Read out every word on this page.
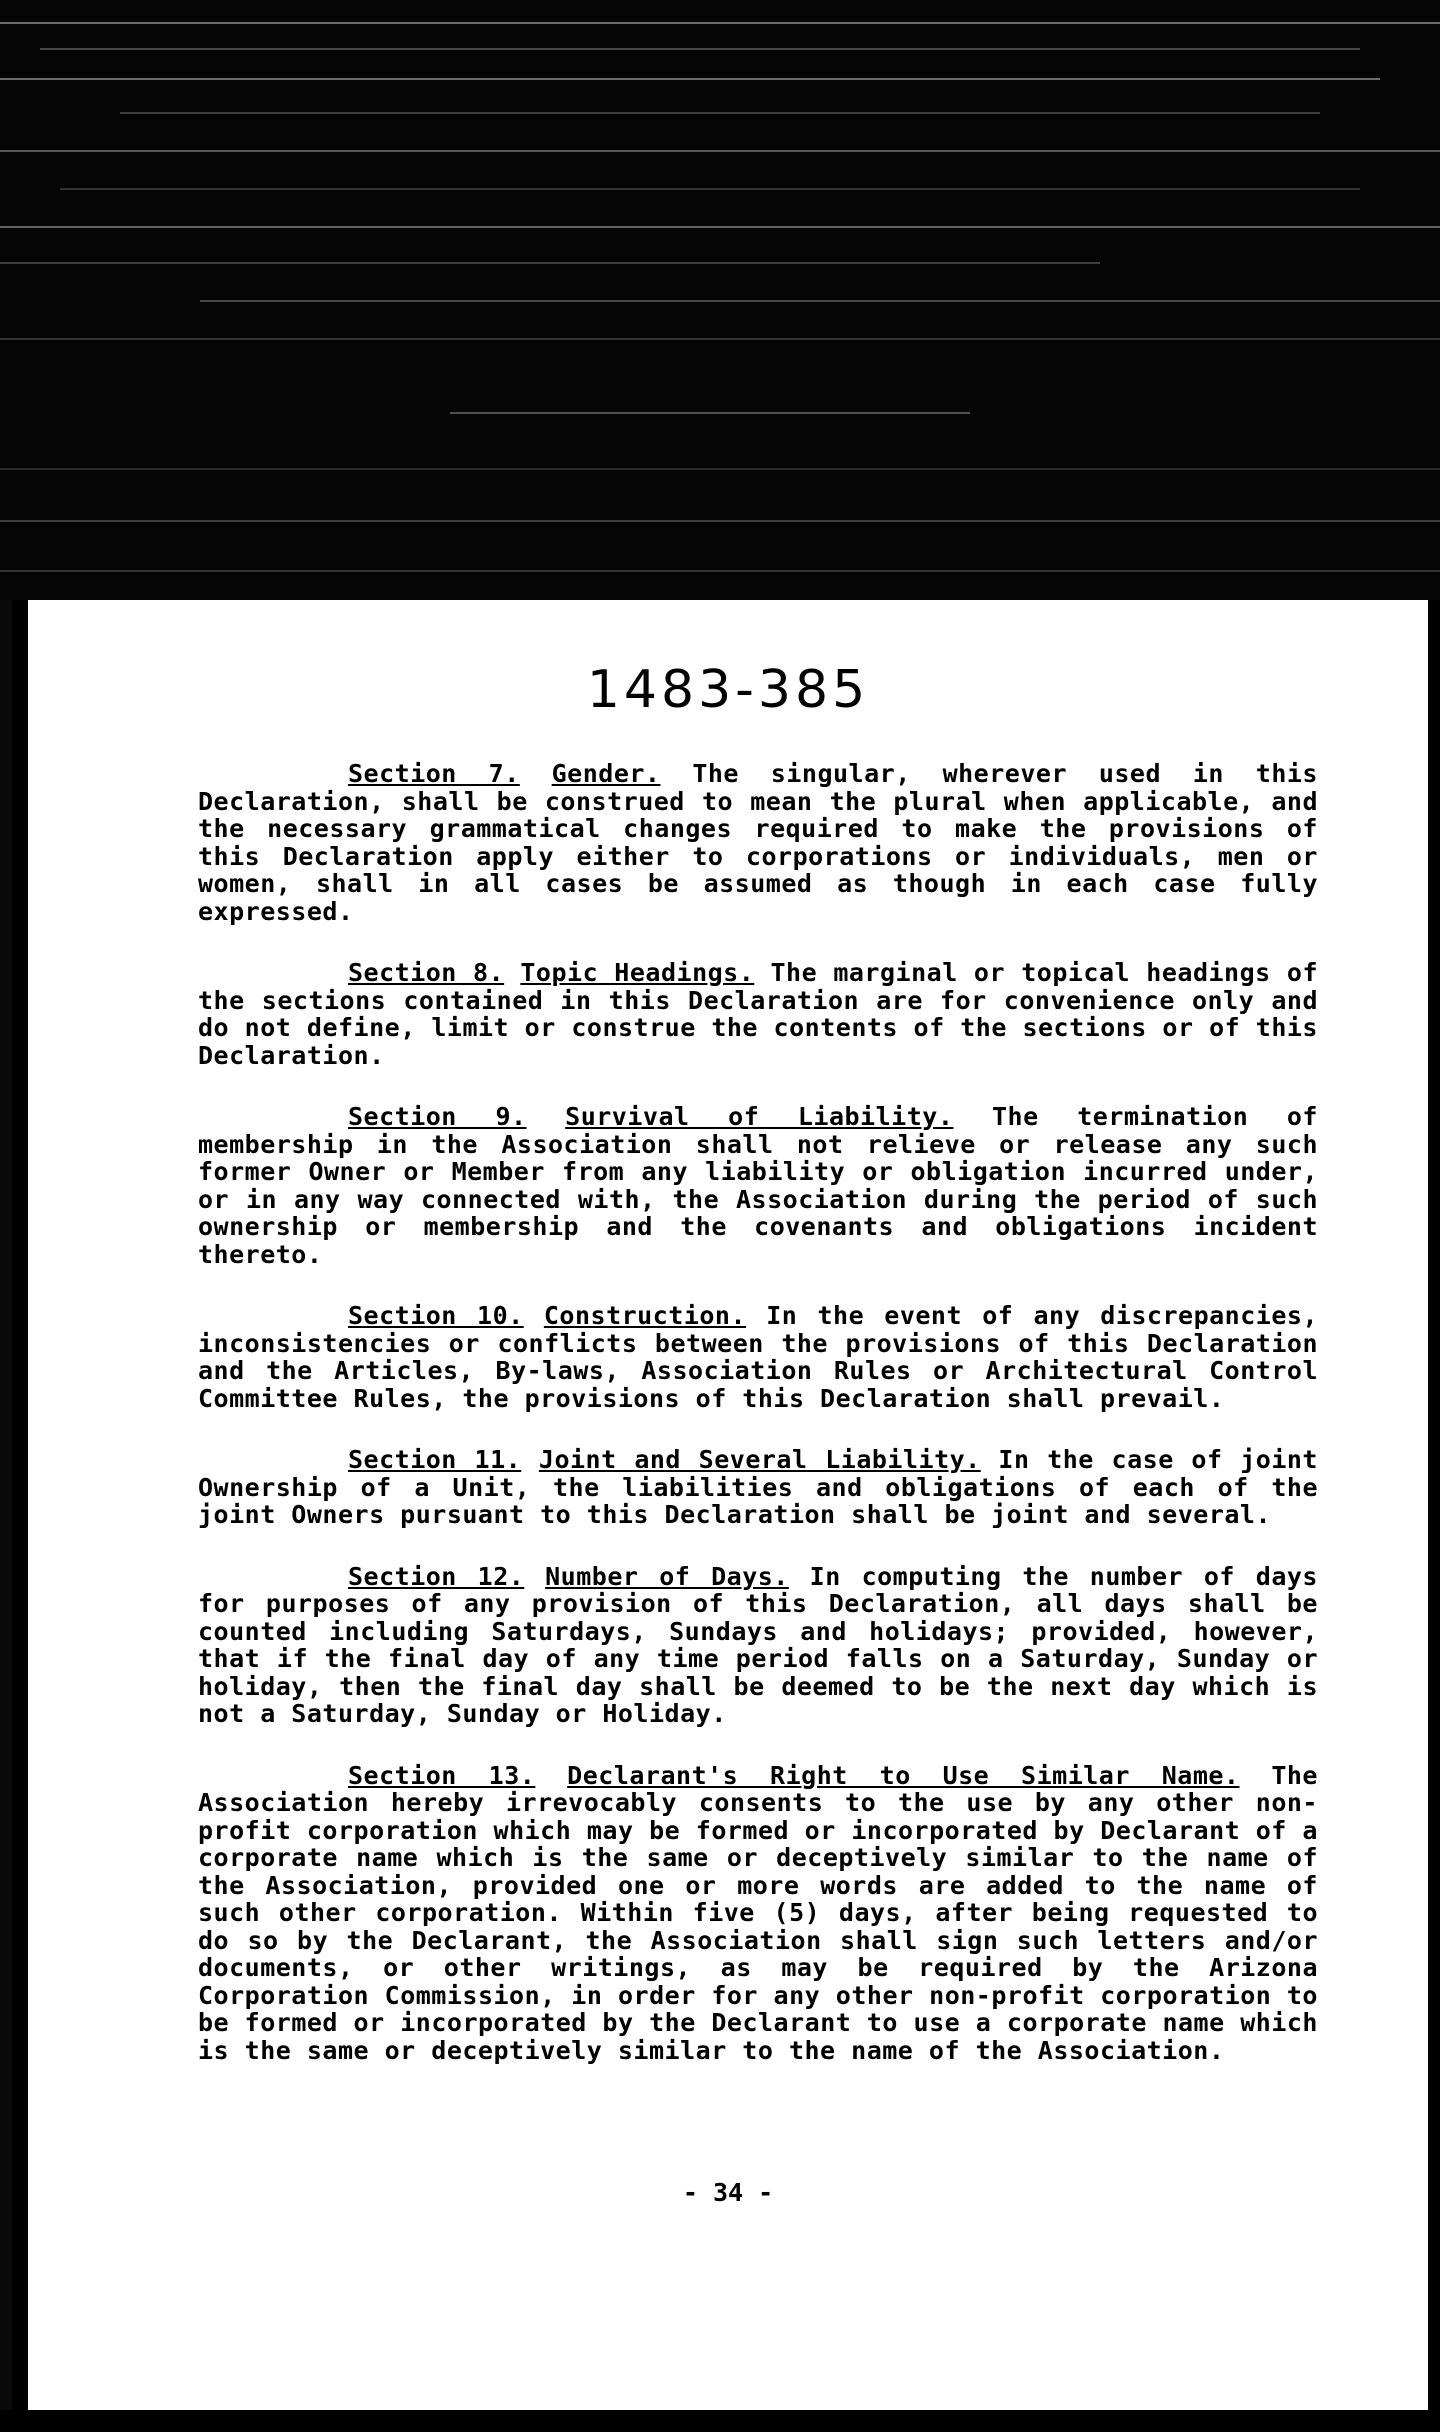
1483-385

Section 7. Gender. The singular, wherever used in this Declaration, shall be construed to mean the plural when applicable, and the necessary grammatical changes required to make the provisions of this Declaration apply either to corporations or individuals, men or women, shall in all cases be assumed as though in each case fully expressed.

Section 8. Topic Headings. The marginal or topical headings of the sections contained in this Declaration are for convenience only and do not define, limit or construe the contents of the sections or of this Declaration.

Section 9. Survival of Liability. The termination of membership in the Association shall not relieve or release any such former Owner or Member from any liability or obligation incurred under, or in any way connected with, the Association during the period of such ownership or membership and the covenants and obligations incident thereto.

Section 10. Construction. In the event of any discrepancies, inconsistencies or conflicts between the provisions of this Declaration and the Articles, By-laws, Association Rules or Architectural Control Committee Rules, the provisions of this Declaration shall prevail.

Section 11. Joint and Several Liability. In the case of joint Ownership of a Unit, the liabilities and obligations of each of the joint Owners pursuant to this Declaration shall be joint and several.

Section 12. Number of Days. In computing the number of days for purposes of any provision of this Declaration, all days shall be counted including Saturdays, Sundays and holidays; provided, however, that if the final day of any time period falls on a Saturday, Sunday or holiday, then the final day shall be deemed to be the next day which is not a Saturday, Sunday or Holiday.

Section 13. Declarant's Right to Use Similar Name. The Association hereby irrevocably consents to the use by any other non-profit corporation which may be formed or incorporated by Declarant of a corporate name which is the same or deceptively similar to the name of the Association, provided one or more words are added to the name of such other corporation. Within five (5) days, after being requested to do so by the Declarant, the Association shall sign such letters and/or documents, or other writings, as may be required by the Arizona Corporation Commission, in order for any other non-profit corporation to be formed or incorporated by the Declarant to use a corporate name which is the same or deceptively similar to the name of the Association.

- 34 -
